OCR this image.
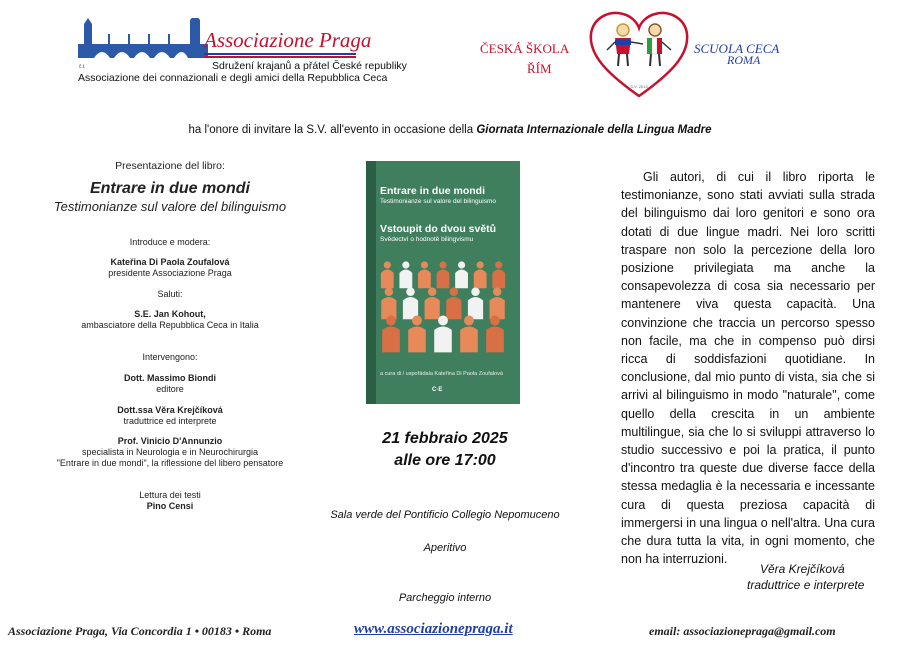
č.t.
Associazione Praga
Sdružení krajanů a přátel České republiky
Associazione dei connazionali e degli amici della Repubblica Ceca
ČESKÁ ŠKOLA
ŘÍM
S.V. 2013
SCUOLA CECA
ROMA
ha l'onore di invitare la S.V. all'evento in occasione della Giornata Internazionale della Lingua Madre
Presentazione del libro:
Entrare in due mondi
Testimonianze sul valore del bilinguismo
Introduce e modera:
Kateřina Di Paola Zoufalová
presidente Associazione Praga
Saluti:
S.E. Jan Kohout,
ambasciatore della Repubblica Ceca in Italia
Intervengono:
Dott. Massimo Biondi
editore
Dott.ssa Věra Krejčíková
traduttrice ed interprete
Prof. Vinicio D'Annunzio
specialista in Neurologia e in Neurochirurgia
"Entrare in due mondi", la riflessione del libero pensatore
Lettura dei testi
Pino Censi
Entrare in due mondi
Testimonianze sul valore del bilinguismo
Vstoupit do dvou světů
Svědectví o hodnotě bilingvismu
a cura di / uspořádala Kateřina Di Paola Zoufalová
C·E
21 febbraio 2025
alle ore 17:00
Sala verde del Pontificio Collegio Nepomuceno
Aperitivo
Parcheggio interno
Gli autori, di cui il libro riporta le testimonianze, sono stati avviati sulla strada del bilinguismo dai loro genitori e sono ora dotati di due lingue madri. Nei loro scritti traspare non solo la percezione della loro posizione privilegiata ma anche la consapevolezza di cosa sia necessario per mantenere viva questa capacità. Una convinzione che traccia un percorso spesso non facile, ma che in compenso può dirsi ricca di soddisfazioni quotidiane. In conclusione, dal mio punto di vista, sia che si arrivi al bilinguismo in modo "naturale", come quello della crescita in un ambiente multilingue, sia che lo si sviluppi attraverso lo studio successivo e poi la pratica, il punto d'incontro tra queste due diverse facce della stessa medaglia è la necessaria e incessante cura di questa preziosa capacità di immergersi in una lingua o nell'altra. Una cura che dura tutta la vita, in ogni momento, che non ha interruzioni.
Věra Krejčíková
traduttrice e interprete
Associazione Praga, Via Concordia 1 • 00183 • Roma	www.associazionepraga.it	email: associazionepraga@gmail.com
